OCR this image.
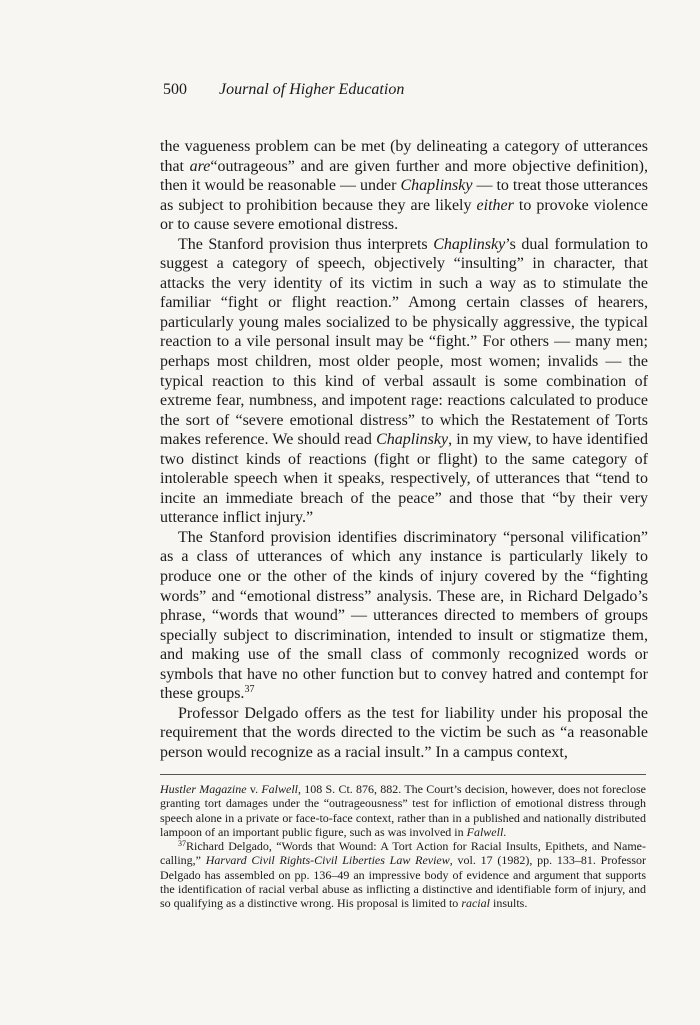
500 Journal of Higher Education

the vagueness problem can be met (by delineating a category of utterances that are“outrageous” and are given further and more objective definition), then it would be reasonable — under Chaplinsky — to treat those utterances as subject to prohibition because they are likely either to provoke violence or to cause severe emotional distress.

The Stanford provision thus interprets Chaplinsky’s dual formulation to suggest a category of speech, objectively “insulting” in character, that attacks the very identity of its victim in such a way as to stimulate the familiar “fight or flight reaction.” Among certain classes of hearers, particularly young males socialized to be physically aggressive, the typical reaction to a vile personal insult may be “fight.” For others — many men; perhaps most children, most older people, most women; invalids — the typical reaction to this kind of verbal assault is some combination of extreme fear, numbness, and impotent rage: reactions calculated to produce the sort of “severe emotional distress” to which the Restatement of Torts makes reference. We should read Chaplinsky, in my view, to have identified two distinct kinds of reactions (fight or flight) to the same category of intolerable speech when it speaks, respectively, of utterances that “tend to incite an immediate breach of the peace” and those that “by their very utterance inflict injury.”

The Stanford provision identifies discriminatory “personal vilification” as a class of utterances of which any instance is particularly likely to produce one or the other of the kinds of injury covered by the “fighting words” and “emotional distress” analysis. These are, in Richard Delgado’s phrase, “words that wound” — utterances directed to members of groups specially subject to discrimination, intended to insult or stigmatize them, and making use of the small class of commonly recognized words or symbols that have no other function but to convey hatred and contempt for these groups.$^{37}$

Professor Delgado offers as the test for liability under his proposal the requirement that the words directed to the victim be such as “a reasonable person would recognize as a racial insult.” In a campus context,

Hustler Magazine v. Falwell, 108 S. Ct. 876, 882. The Court’s decision, however, does not foreclose granting tort damages under the “outrageousness” test for infliction of emotional distress through speech alone in a private or face-to-face context, rather than in a published and nationally distributed lampoon of an important public figure, such as was involved in Falwell.

$^{37}$Richard Delgado, “Words that Wound: A Tort Action for Racial Insults, Epithets, and Name-calling,” Harvard Civil Rights-Civil Liberties Law Review, vol. 17 (1982), pp. 133–81. Professor Delgado has assembled on pp. 136–49 an impressive body of evidence and argument that supports the identification of racial verbal abuse as inflicting a distinctive and identifiable form of injury, and so qualifying as a distinctive wrong. His proposal is limited to racial insults.
